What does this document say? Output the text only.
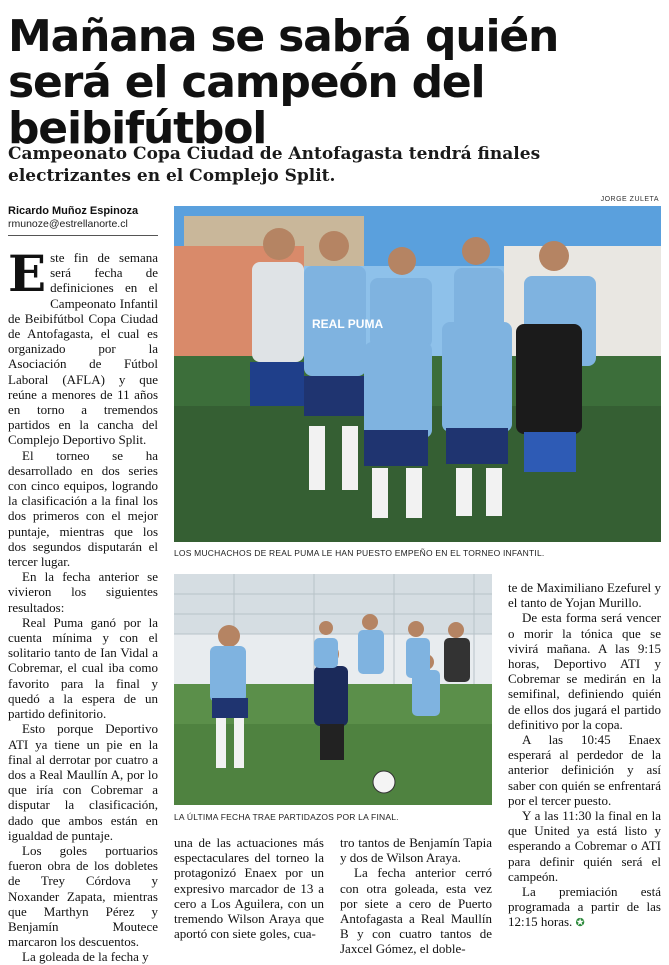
Mañana se sabrá quién será el campeón del beibifútbol
Campeonato Copa Ciudad de Antofagasta tendrá finales electrizantes en el Complejo Split.
Ricardo Muñoz Espinoza
rmunoze@estrellanorte.cl
JORGE ZULETA
REAL PUMA
LOS MUCHACHOS DE REAL PUMA LE HAN PUESTO EMPEÑO EN EL TORNEO INFANTIL.
LA ÚLTIMA FECHA TRAE PARTIDAZOS POR LA FINAL.

Este fin de semana será fecha de definiciones en el Campeonato Infantil de Beibifútbol Copa Ciudad de Antofagasta, el cual es organizado por la Asociación de Fútbol Laboral (AFLA) y que reúne a menores de 11 años en torno a tremendos partidos en la cancha del Complejo Deportivo Split.

El torneo se ha desarrollado en dos series con cinco equipos, logrando la clasificación a la final los dos primeros con el mejor puntaje, mientras que los dos segundos disputarán el tercer lugar.

En la fecha anterior se vivieron los siguientes resultados:

Real Puma ganó por la cuenta mínima y con el solitario tanto de Ian Vidal a Cobremar, el cual iba como favorito para la final y quedó a la espera de un partido definitorio.

Esto porque Deportivo ATI ya tiene un pie en la final al derrotar por cuatro a dos a Real Maullín A, por lo que iría con Cobremar a disputar la clasificación, dado que ambos están en igualdad de puntaje.

Los goles portuarios fueron obra de los dobletes de Trey Córdova y Noxander Zapata, mientras que Marthyn Pérez y Benjamín Moutece marcaron los descuentos.

La goleada de la fecha y

una de las actuaciones más espectaculares del torneo la protagonizó Enaex por un expresivo marcador de 13 a cero a Los Aguilera, con un tremendo Wilson Araya que aportó con siete goles, cua-

tro tantos de Benjamín Tapia y dos de Wilson Araya.

La fecha anterior cerró con otra goleada, esta vez por siete a cero de Puerto Antofagasta a Real Maullín B y con cuatro tantos de Jaxcel Gómez, el doble-

te de Maximiliano Ezefurel y el tanto de Yojan Murillo.

De esta forma será vencer o morir la tónica que se vivirá mañana. A las 9:15 horas, Deportivo ATI y Cobremar se medirán en la semifinal, definiendo quién de ellos dos jugará el partido definitivo por la copa.

A las 10:45 Enaex esperará al perdedor de la anterior definición y así saber con quién se enfrentará por el tercer puesto.

Y a las 11:30 la final en la que United ya está listo y esperando a Cobremar o ATI para definir quién será el campeón.

La premiación está programada a partir de las 12:15 horas. ✪
